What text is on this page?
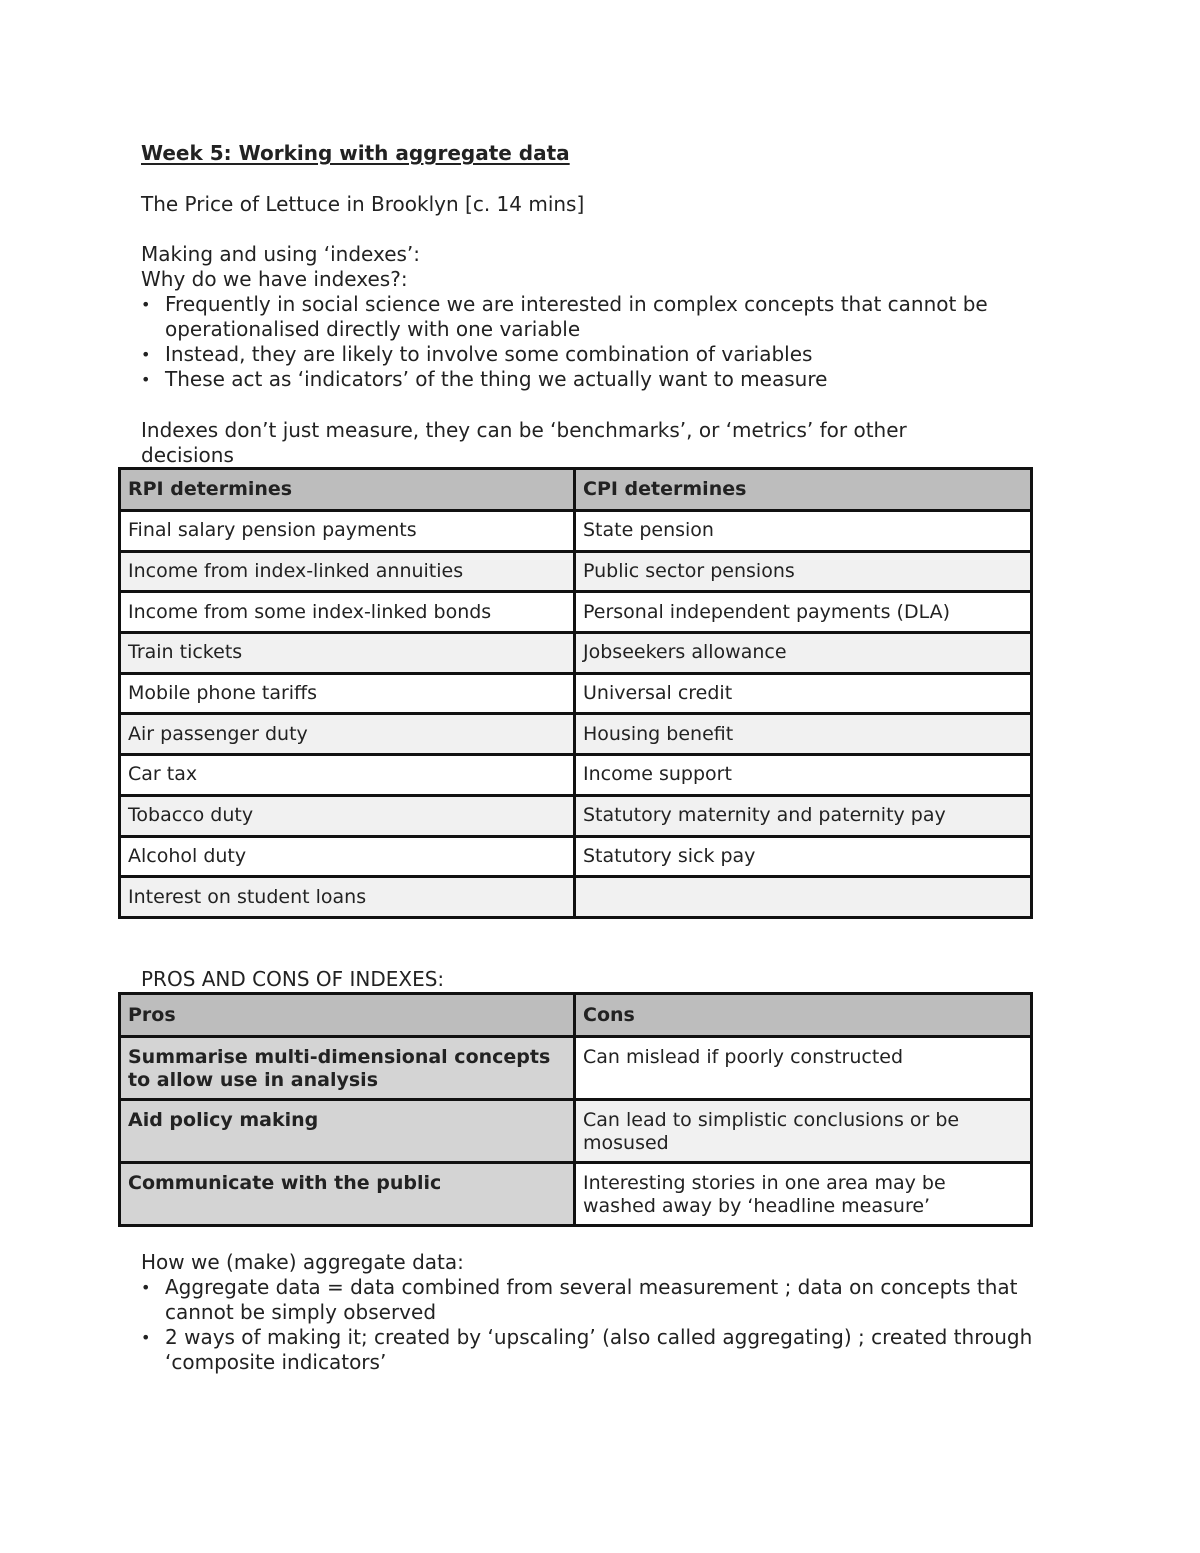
Week 5: Working with aggregate data
The Price of Lettuce in Brooklyn [c. 14 mins]
Making and using ‘indexes’:
Why do we have indexes?:
• Frequently in social science we are interested in complex concepts that cannot be operationalised directly with one variable
• Instead, they are likely to involve some combination of variables
• These act as ‘indicators’ of the thing we actually want to measure
Indexes don’t just measure, they can be ‘benchmarks’, or ‘metrics’ for other decisions
RPI determines	CPI determines
Final salary pension payments	State pension
Income from index-linked annuities	Public sector pensions
Income from some index-linked bonds	Personal independent payments (DLA)
Train tickets	Jobseekers allowance
Mobile phone tariffs	Universal credit
Air passenger duty	Housing benefit
Car tax	Income support
Tobacco duty	Statutory maternity and paternity pay
Alcohol duty	Statutory sick pay
Interest on student loans	
PROS AND CONS OF INDEXES:
Pros	Cons
Summarise multi-dimensional concepts to allow use in analysis	Can mislead if poorly constructed
Aid policy making	Can lead to simplistic conclusions or be mosused
Communicate with the public	Interesting stories in one area may be washed away by ‘headline measure’
How we (make) aggregate data:
• Aggregate data = data combined from several measurement ; data on concepts that cannot be simply observed
• 2 ways of making it; created by ‘upscaling’ (also called aggregating) ; created through ‘composite indicators’
